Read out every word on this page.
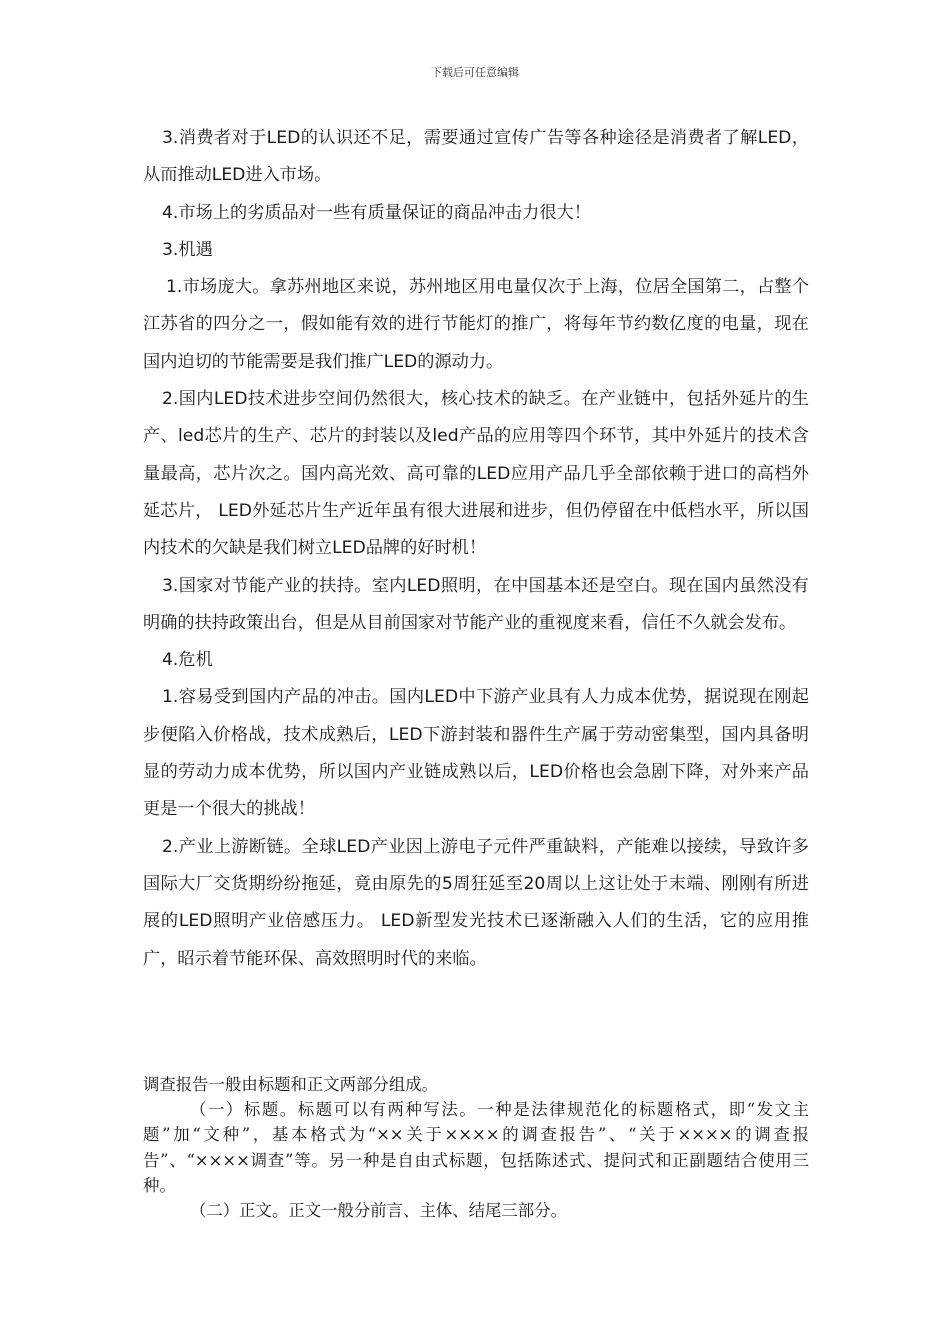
下载后可任意编辑

3.消费者对于LED的认识还不足，需要通过宣传广告等各种途径是消费者了解LED，从而推动LED进入市场。

4.市场上的劣质品对一些有质量保证的商品冲击力很大！

3.机遇

1.市场庞大。拿苏州地区来说，苏州地区用电量仅次于上海，位居全国第二，占整个江苏省的四分之一，假如能有效的进行节能灯的推广，将每年节约数亿度的电量，现在国内迫切的节能需要是我们推广LED的源动力。

2.国内LED技术进步空间仍然很大，核心技术的缺乏。在产业链中，包括外延片的生产、led芯片的生产、芯片的封装以及led产品的应用等四个环节，其中外延片的技术含量最高，芯片次之。国内高光效、高可靠的LED应用产品几乎全部依赖于进口的高档外延芯片， LED外延芯片生产近年虽有很大进展和进步，但仍停留在中低档水平，所以国内技术的欠缺是我们树立LED品牌的好时机！

3.国家对节能产业的扶持。室内LED照明，在中国基本还是空白。现在国内虽然没有明确的扶持政策出台，但是从目前国家对节能产业的重视度来看，信任不久就会发布。

4.危机

1.容易受到国内产品的冲击。国内LED中下游产业具有人力成本优势，据说现在刚起步便陷入价格战，技术成熟后，LED下游封装和器件生产属于劳动密集型，国内具备明显的劳动力成本优势，所以国内产业链成熟以后，LED价格也会急剧下降，对外来产品更是一个很大的挑战！

2.产业上游断链。全球LED产业因上游电子元件严重缺料，产能难以接续，导致许多国际大厂交货期纷纷拖延，竟由原先的5周狂延至20周以上这让处于末端、刚刚有所进展的LED照明产业倍感压力。 LED新型发光技术已逐渐融入人们的生活，它的应用推广，昭示着节能环保、高效照明时代的来临。

调查报告一般由标题和正文两部分组成。

（一）标题。标题可以有两种写法。一种是法律规范化的标题格式，即“发文主题”加“文种”，基本格式为“××关于××××的调查报告”、“关于××××的调查报告”、“××××调查”等。另一种是自由式标题，包括陈述式、提问式和正副题结合使用三种。

（二）正文。正文一般分前言、主体、结尾三部分。
